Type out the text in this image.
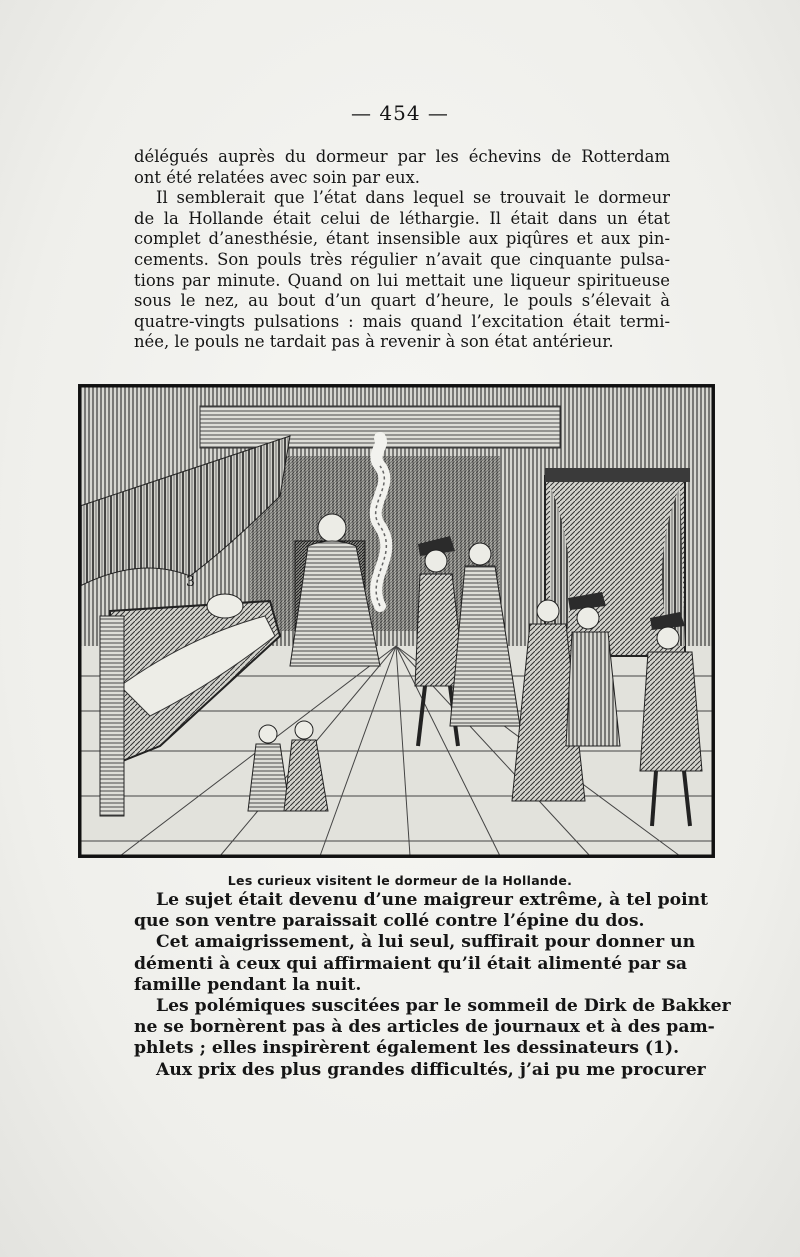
— 454 —
délégués auprès du dormeur par les échevins de Rotterdam
ont été relatées avec soin par eux.
Il semblerait que l’état dans lequel se trouvait le dormeur
de la Hollande était celui de léthargie. Il était dans un état
complet d’anesthésie, étant insensible aux piqûres et aux pin-
cements. Son pouls très régulier n’avait que cinquante pulsa-
tions par minute. Quand on lui mettait une liqueur spiritueuse
sous le nez, au bout d’un quart d’heure, le pouls s’élevait à
quatre-vingts pulsations : mais quand l’excitation était termi-
née, le pouls ne tardait pas à revenir à son état antérieur.
3
Les curieux visitent le dormeur de la Hollande.
Le sujet était devenu d’une maigreur extrême, à tel point
que son ventre paraissait collé contre l’épine du dos.
Cet amaigrissement, à lui seul, suffirait pour donner un
démenti à ceux qui affirmaient qu’il était alimenté par sa
famille pendant la nuit.
Les polémiques suscitées par le sommeil de Dirk de Bakker
ne se bornèrent pas à des articles de journaux et à des pam-
phlets ; elles inspirèrent également les dessinateurs (1).
Aux prix des plus grandes difficultés, j’ai pu me procurer
